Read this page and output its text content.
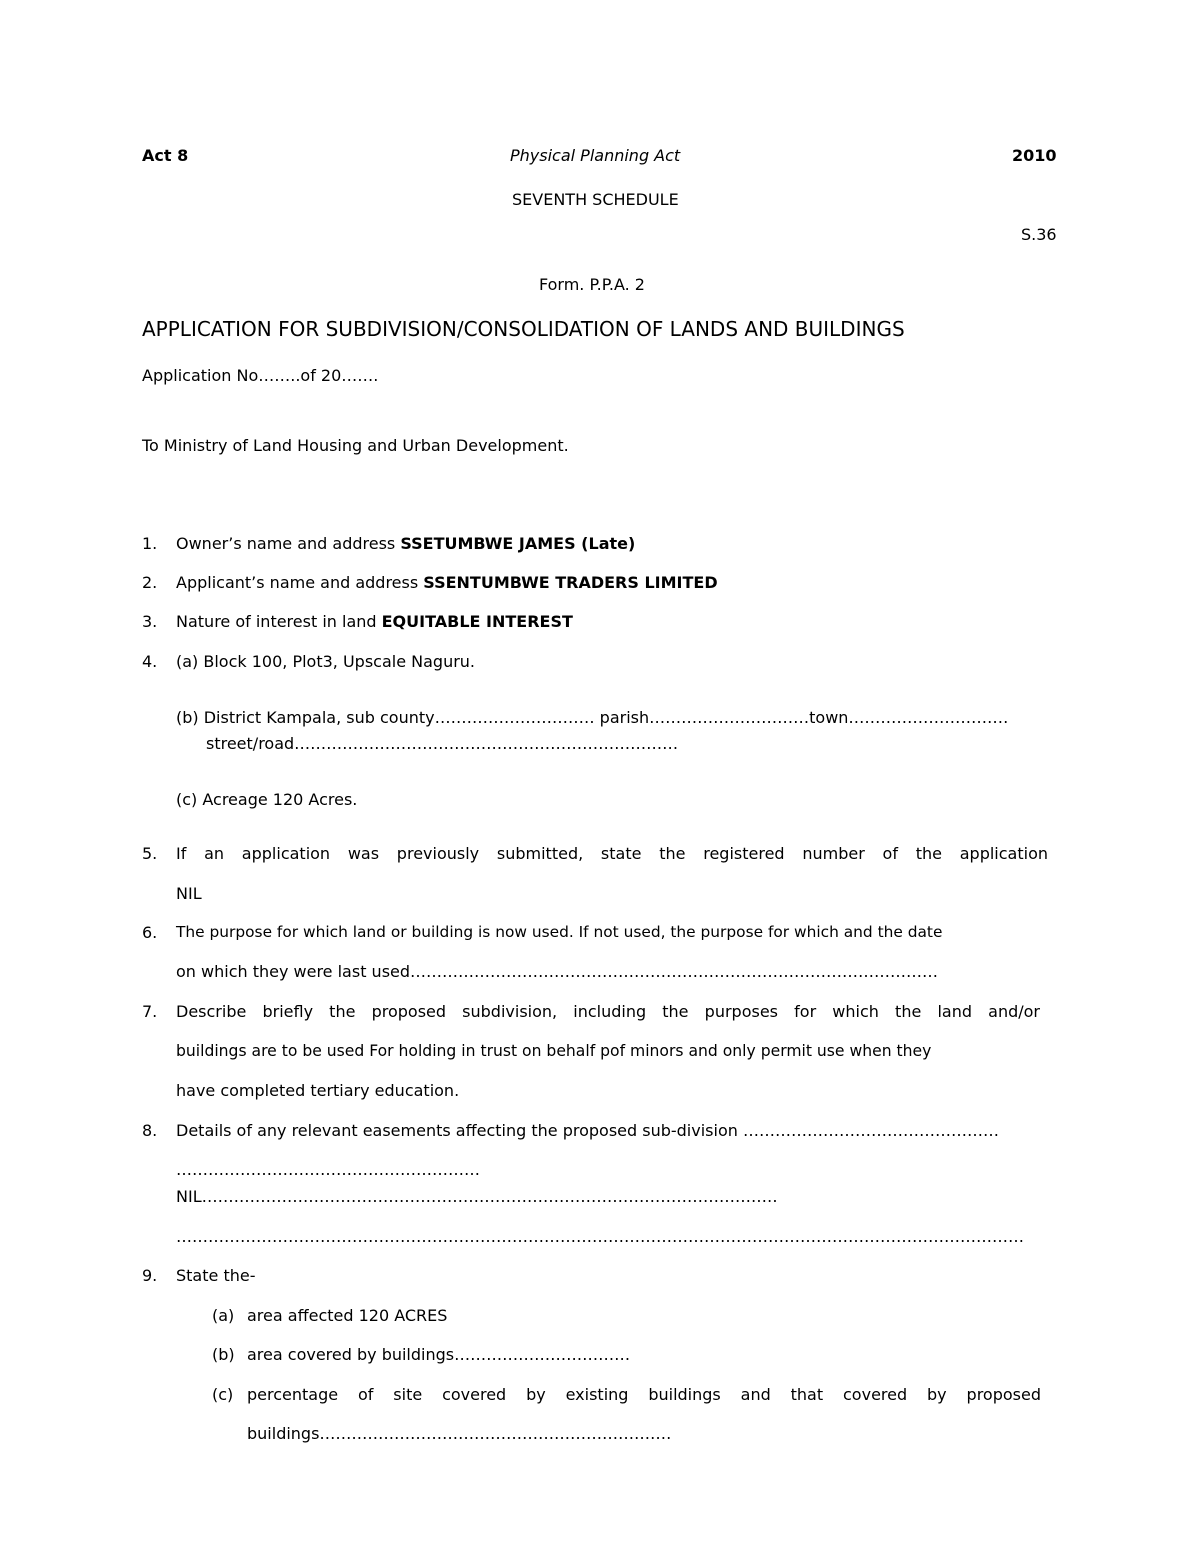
Act 8	Physical Planning Act	2010
SEVENTH SCHEDULE
S.36
Form. P.P.A. 2
APPLICATION FOR SUBDIVISION/CONSOLIDATION OF LANDS AND BUILDINGS
Application No……..of 20…….
To Ministry of Land Housing and Urban Development.
1. Owner’s name and address SSETUMBWE JAMES (Late)
2. Applicant’s name and address SSENTUMBWE TRADERS LIMITED
3. Nature of interest in land EQUITABLE INTEREST
4. (a) Block 100, Plot3, Upscale Naguru.
(b) District Kampala, sub county………………………… parish…………………………town…………………………
street/road………………………………………………………………
(c) Acreage 120 Acres.
5. If an application was previously submitted, state the registered number of the application
NIL
6. The purpose for which land or building is now used. If not used, the purpose for which and the date
on which they were last used………………………………………………………………………………………
7. Describe briefly the proposed subdivision, including the purposes for which the land and/or
buildings are to be used For holding in trust on behalf pof minors and only permit use when they
have completed tertiary education.
8. Details of any relevant easements affecting the proposed sub-division …………………………………………
…………………………………………………
NIL………………………………………………………………………………………………
……………………………………………………………………………………………………………………………………………
9. State the-
(a) area affected 120 ACRES
(b) area covered by buildings……………………………
(c) percentage of site covered by existing buildings and that covered by proposed
buildings…………………………………………………………
